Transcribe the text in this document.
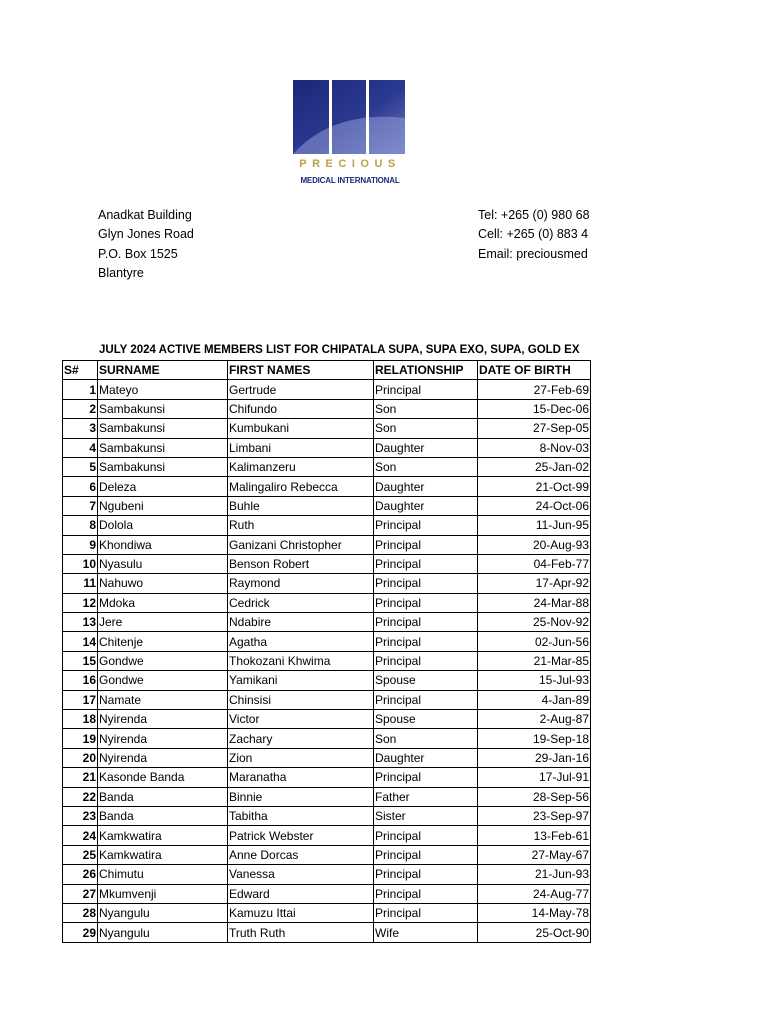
PRECIOUS
MEDICAL INTERNATIONAL
Anadkat Building
Glyn Jones Road
P.O. Box 1525
Blantyre
Tel: +265 (0) 980 68
Cell: +265 (0) 883 4
Email: preciousmed
JULY 2024 ACTIVE MEMBERS LIST FOR CHIPATALA SUPA, SUPA EXO, SUPA, GOLD EX
S#	SURNAME	FIRST NAMES	RELATIONSHIP	DATE OF BIRTH
1	Mateyo	Gertrude	Principal	27-Feb-69
2	Sambakunsi	Chifundo	Son	15-Dec-06
3	Sambakunsi	Kumbukani	Son	27-Sep-05
4	Sambakunsi	Limbani	Daughter	8-Nov-03
5	Sambakunsi	Kalimanzeru	Son	25-Jan-02
6	Deleza	Malingaliro Rebecca	Daughter	21-Oct-99
7	Ngubeni	Buhle	Daughter	24-Oct-06
8	Dolola	Ruth	Principal	11-Jun-95
9	Khondiwa	Ganizani Christopher	Principal	20-Aug-93
10	Nyasulu	Benson Robert	Principal	04-Feb-77
11	Nahuwo	Raymond	Principal	17-Apr-92
12	Mdoka	Cedrick	Principal	24-Mar-88
13	Jere	Ndabire	Principal	25-Nov-92
14	Chitenje	Agatha	Principal	02-Jun-56
15	Gondwe	Thokozani Khwima	Principal	21-Mar-85
16	Gondwe	Yamikani	Spouse	15-Jul-93
17	Namate	Chinsisi	Principal	4-Jan-89
18	Nyirenda	Victor	Spouse	2-Aug-87
19	Nyirenda	Zachary	Son	19-Sep-18
20	Nyirenda	Zion	Daughter	29-Jan-16
21	Kasonde Banda	Maranatha	Principal	17-Jul-91
22	Banda	Binnie	Father	28-Sep-56
23	Banda	Tabitha	Sister	23-Sep-97
24	Kamkwatira	Patrick Webster	Principal	13-Feb-61
25	Kamkwatira	Anne Dorcas	Principal	27-May-67
26	Chimutu	Vanessa	Principal	21-Jun-93
27	Mkumvenji	Edward	Principal	24-Aug-77
28	Nyangulu	Kamuzu Ittai	Principal	14-May-78
29	Nyangulu	Truth Ruth	Wife	25-Oct-90
